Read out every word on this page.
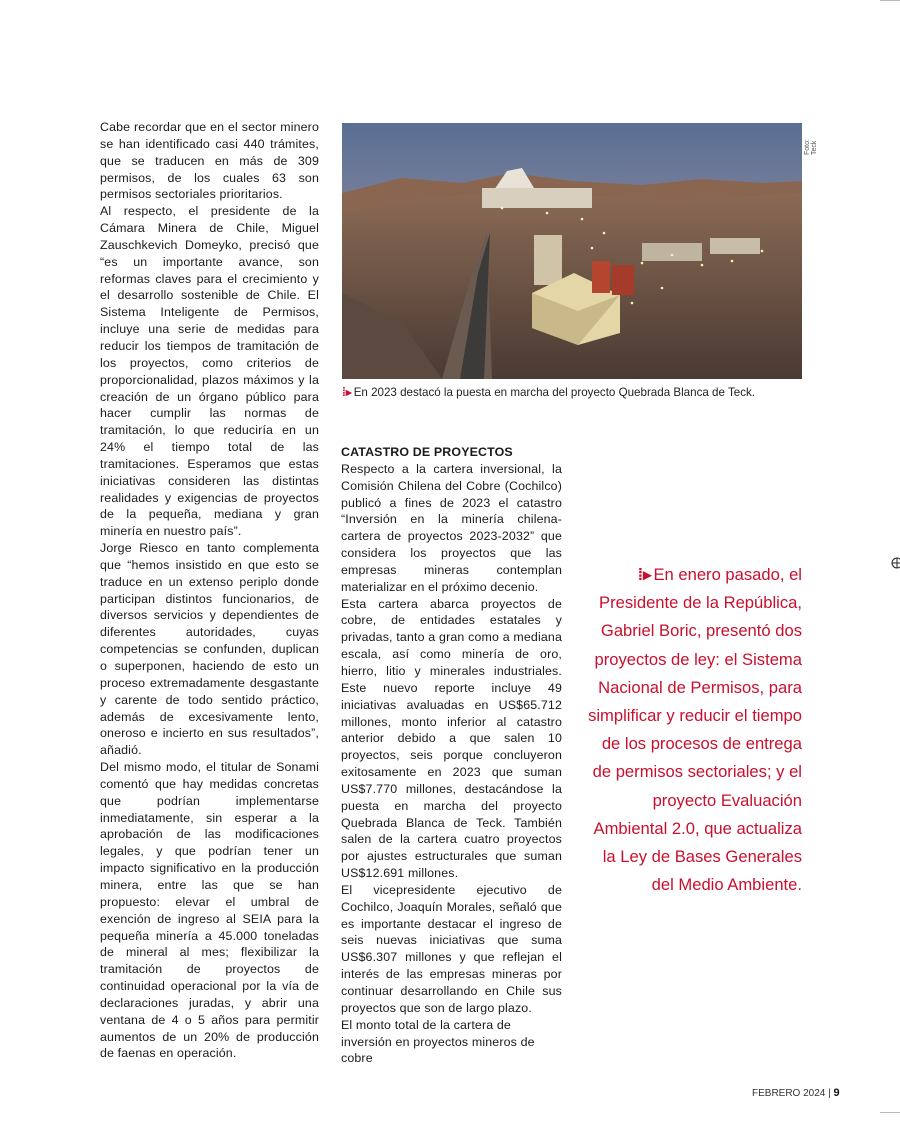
Cabe recordar que en el sector minero se han identificado casi 440 trámites, que se traducen en más de 309 permisos, de los cuales 63 son permisos sectoriales prioritarios.

Al respecto, el presidente de la Cámara Minera de Chile, Miguel Zauschkevich Domeyko, precisó que “es un importante avance, son reformas claves para el crecimiento y el desarrollo sostenible de Chile. El Sistema Inteligente de Permisos, incluye una serie de medidas para reducir los tiempos de tramitación de los proyectos, como criterios de proporcionalidad, plazos máximos y la creación de un órgano público para hacer cumplir las normas de tramitación, lo que reduciría en un 24% el tiempo total de las tramitaciones. Esperamos que estas iniciativas consideren las distintas realidades y exigencias de proyectos de la pequeña, mediana y gran minería en nuestro país”.

Jorge Riesco en tanto complementa que “hemos insistido en que esto se traduce en un extenso periplo donde participan distintos funcionarios, de diversos servicios y dependientes de diferentes autoridades, cuyas competencias se confunden, duplican o superponen, haciendo de esto un proceso extremadamente desgastante y carente de todo sentido práctico, además de excesivamente lento, oneroso e incierto en sus resultados”, añadió.

Del mismo modo, el titular de Sonami comentó que hay medidas concretas que podrían implementarse inmediatamente, sin esperar a la aprobación de las modificaciones legales, y que podrían tener un impacto significativo en la producción minera, entre las que se han propuesto: elevar el umbral de exención de ingreso al SEIA para la pequeña minería a 45.000 toneladas de mineral al mes; flexibilizar la tramitación de proyectos de continuidad operacional por la vía de declaraciones juradas, y abrir una ventana de 4 o 5 años para permitir aumentos de un 20% de producción de faenas en operación.

Foto: Teck
⁞▸ En 2023 destacó la puesta en marcha del proyecto Quebrada Blanca de Teck.

CATASTRO DE PROYECTOS

Respecto a la cartera inversional, la Comisión Chilena del Cobre (Cochilco) publicó a fines de 2023 el catastro “Inversión en la minería chilena- cartera de proyectos 2023-2032” que considera los proyectos que las empresas mineras contemplan materializar en el próximo decenio.

Esta cartera abarca proyectos de cobre, de entidades estatales y privadas, tanto a gran como a mediana escala, así como minería de oro, hierro, litio y minerales industriales. Este nuevo reporte incluye 49 iniciativas avaluadas en US$65.712 millones, monto inferior al catastro anterior debido a que salen 10 proyectos, seis porque concluyeron exitosamente en 2023 que suman US$7.770 millones, destacándose la puesta en marcha del proyecto Quebrada Blanca de Teck. También salen de la cartera cuatro proyectos por ajustes estructurales que suman US$12.691 millones.

El vicepresidente ejecutivo de Cochilco, Joaquín Morales, señaló que es importante destacar el ingreso de seis nuevas iniciativas que suma US$6.307 millones y que reflejan el interés de las empresas mineras por continuar desarrollando en Chile sus proyectos que son de largo plazo.

El monto total de la cartera de inversión en proyectos mineros de cobre

⁞▸ En enero pasado, el Presidente de la República, Gabriel Boric, presentó dos proyectos de ley: el Sistema Nacional de Permisos, para simplificar y reducir el tiempo de los procesos de entrega de permisos sectoriales; y el proyecto Evaluación Ambiental 2.0, que actualiza la Ley de Bases Generales del Medio Ambiente.
FEBRERO 2024 | 9
